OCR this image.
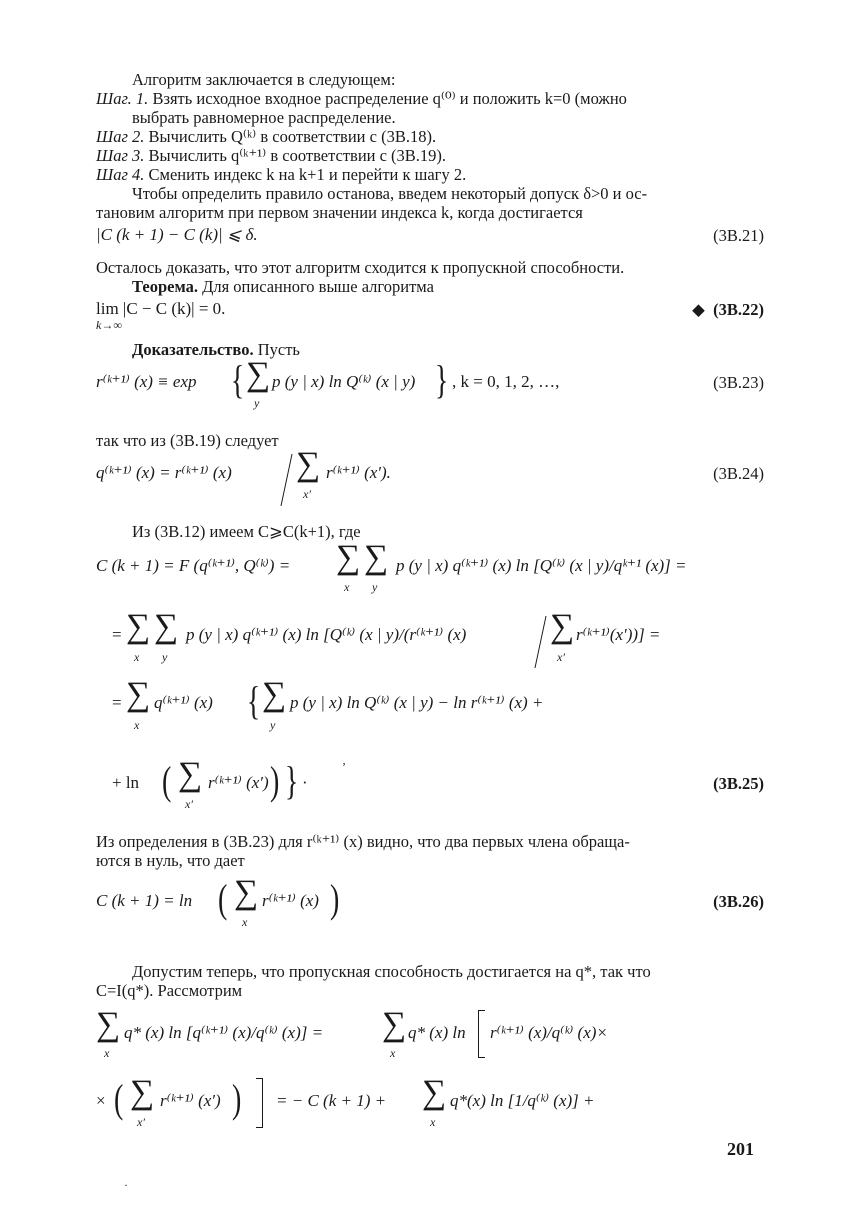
Алгоритм заключается в следующем:
Шаг. 1. Взять исходное входное распределение q⁽⁰⁾ и положить k=0 (можно
выбрать равномерное распределение.
Шаг 2. Вычислить Q⁽ᵏ⁾ в соответствии с (3B.18).
Шаг 3. Вычислить q⁽ᵏ⁺¹⁾ в соответствии с (3B.19).
Шаг 4. Сменить индекс k на k+1 и перейти к шагу 2.
Чтобы определить правило останова, введем некоторый допуск δ>0 и ос-
тановим алгоритм при первом значении индекса k, когда достигается
|C (k + 1) − C (k)| ⩽ δ.	(3B.21)
Осталось доказать, что этот алгоритм сходится к пропускной способности.
Теорема. Для описанного выше алгоритма
lim |C − C (k)| = 0.
k→∞
◆ (3B.22)
Доказательство. Пусть
r⁽ᵏ⁺¹⁾ (x) ≡ exp { ∑
y
p (y | x) ln Q⁽ᵏ⁾ (x | y) } , k = 0, 1, 2, …,	(3B.23)
так что из (3B.19) следует
q⁽ᵏ⁺¹⁾ (x) = r⁽ᵏ⁺¹⁾ (x) ∑
x′
r⁽ᵏ⁺¹⁾ (x′).	(3B.24)
Из (3B.12) имеем C⩾C(k+1), где
C (k + 1) = F (q⁽ᵏ⁺¹⁾, Q⁽ᵏ⁾) = ∑ ∑
x y
p (y | x) q⁽ᵏ⁺¹⁾ (x) ln [Q⁽ᵏ⁾ (x | y)/qᵏ⁺¹ (x)] =
= ∑ ∑
x y
p (y | x) q⁽ᵏ⁺¹⁾ (x) ln [Q⁽ᵏ⁾ (x | y)/(r⁽ᵏ⁺¹⁾ (x) ∑
x′
r⁽ᵏ⁺¹⁾(x′))] =
= ∑
x
q⁽ᵏ⁺¹⁾ (x) { ∑
y
p (y | x) ln Q⁽ᵏ⁾ (x | y) − ln r⁽ᵏ⁺¹⁾ (x) +
+ ln ( ∑
x′
r⁽ᵏ⁺¹⁾ (x′) ) } ·
ʼ
(3B.25)
Из определения в (3B.23) для r⁽ᵏ⁺¹⁾ (x) видно, что два первых члена обраща-
ются в нуль, что дает
C (k + 1) = ln ( ∑
x
r⁽ᵏ⁺¹⁾ (x) )	(3B.26)
Допустим теперь, что пропускная способность достигается на q*, так что
C=I(q*). Рассмотрим
∑
x
q* (x) ln [q⁽ᵏ⁺¹⁾ (x)/q⁽ᵏ⁾ (x)] = ∑
x
q* (x) ln r⁽ᵏ⁺¹⁾ (x)/q⁽ᵏ⁾ (x)×
× ( ∑
x′
r⁽ᵏ⁺¹⁾ (x′) ) = − C (k + 1) + ∑
x
q*(x) ln [1/q⁽ᵏ⁾ (x)] +
201
·
